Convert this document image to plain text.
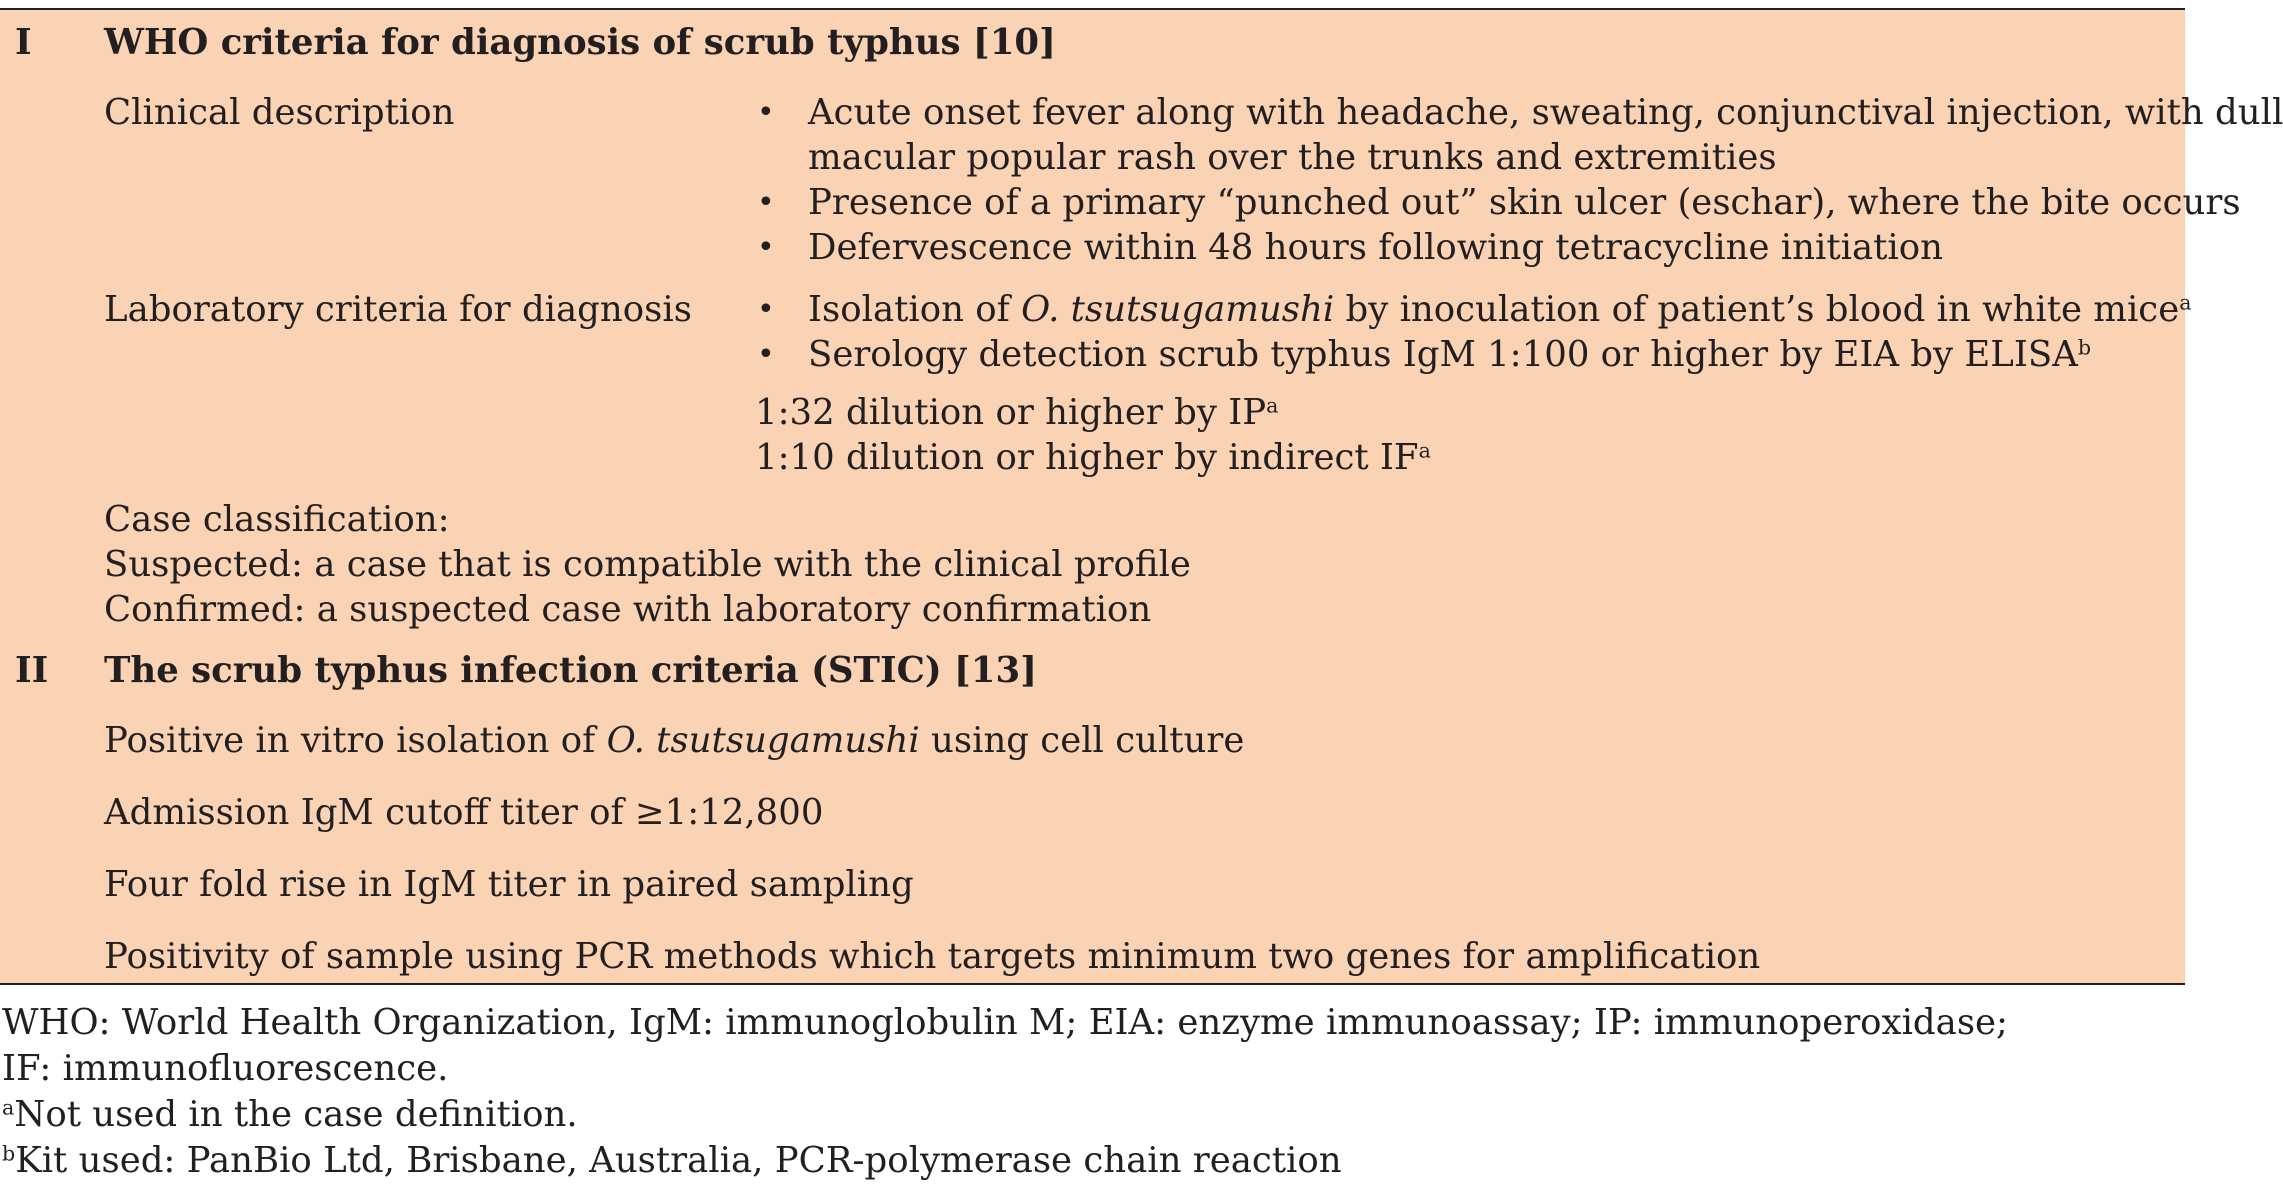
I WHO criteria for diagnosis of scrub typhus [10]
Clinical description	• Acute onset fever along with headache, sweating, conjunctival injection, with dull
macular popular rash over the trunks and extremities
• Presence of a primary “punched out” skin ulcer (eschar), where the bite occurs
• Defervescence within 48 hours following tetracycline initiation
Laboratory criteria for diagnosis • Isolation of O. tsutsugamushi by inoculation of patient’s blood in white mice$^a$
• Serology detection scrub typhus IgM 1:100 or higher by EIA by ELISA$^b$
1:32 dilution or higher by $IP^a$
1:10 dilution or higher by indirect $IF^a$
Case classification:
Suspected: a case that is compatible with the clinical profile
Confirmed: a suspected case with laboratory confirmation
II The scrub typhus infection criteria (STIC) [13]
Positive in vitro isolation of O. tsutsugamushi using cell culture
Admission IgM cutoff titer of ≥1:12,800
Four fold rise in IgM titer in paired sampling
Positivity of sample using PCR methods which targets minimum two genes for amplification
WHO: World Health Organization, IgM: immunoglobulin M; EIA: enzyme immunoassay; IP: immunoperoxidase;
IF: immunofluorescence.
$^a$Not used in the case definition.
$^b$Kit used: PanBio Ltd, Brisbane, Australia, PCR-polymerase chain reaction
